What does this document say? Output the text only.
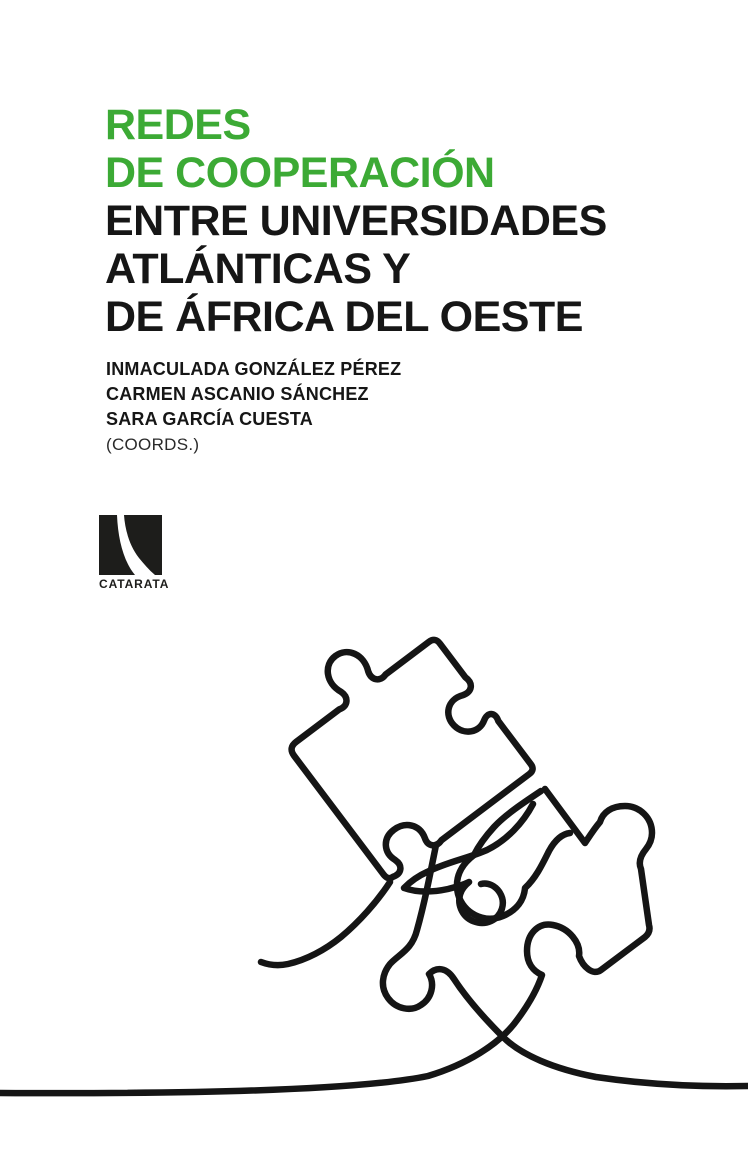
REDES
DE COOPERACIÓN
ENTRE UNIVERSIDADES
ATLÁNTICAS Y
DE ÁFRICA DEL OESTE
INMACULADA GONZÁLEZ PÉREZ
CARMEN ASCANIO SÁNCHEZ
SARA GARCÍA CUESTA
(COORDS.)
CATARATA
